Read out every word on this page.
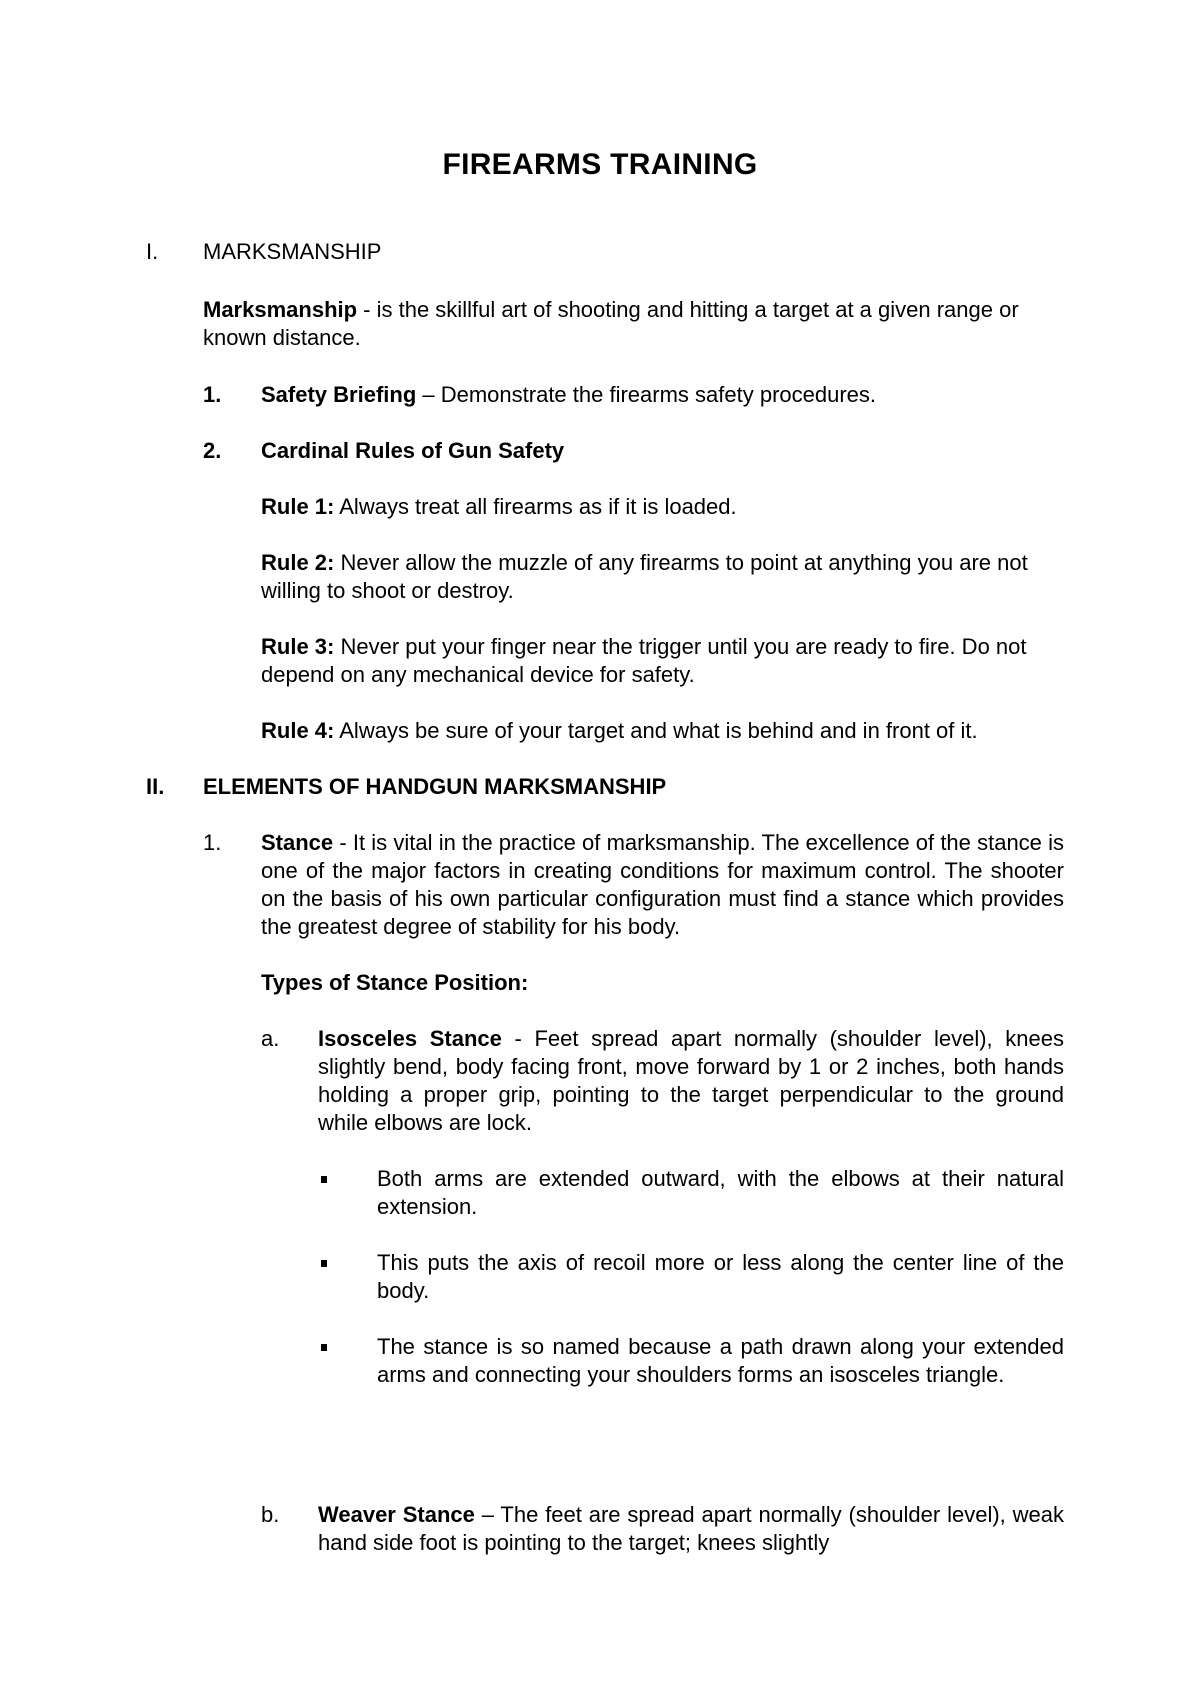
FIREARMS TRAINING
I. MARKSMANSHIP

Marksmanship - is the skillful art of shooting and hitting a target at a given range or known distance.

1. Safety Briefing – Demonstrate the firearms safety procedures.

2. Cardinal Rules of Gun Safety

Rule 1: Always treat all firearms as if it is loaded.

Rule 2: Never allow the muzzle of any firearms to point at anything you are not willing to shoot or destroy.

Rule 3: Never put your finger near the trigger until you are ready to fire. Do not depend on any mechanical device for safety.

Rule 4: Always be sure of your target and what is behind and in front of it.

II. ELEMENTS OF HANDGUN MARKSMANSHIP
1. Stance - It is vital in the practice of marksmanship. The excellence of the stance is one of the major factors in creating conditions for maximum control. The shooter on the basis of his own particular configuration must find a stance which provides the greatest degree of stability for his body.

Types of Stance Position:

a. Isosceles Stance - Feet spread apart normally (shoulder level), knees slightly bend, body facing front, move forward by 1 or 2 inches, both hands holding a proper grip, pointing to the target perpendicular to the ground while elbows are lock.

Both arms are extended outward, with the elbows at their natural extension.

This puts the axis of recoil more or less along the center line of the body.

The stance is so named because a path drawn along your extended arms and connecting your shoulders forms an isosceles triangle.

b. Weaver Stance – The feet are spread apart normally (shoulder level), weak hand side foot is pointing to the target; knees slightly
